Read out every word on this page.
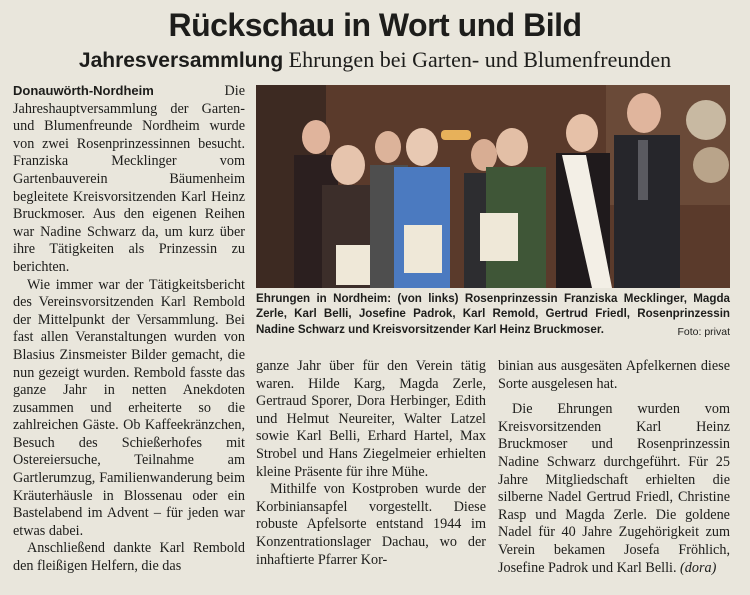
Rückschau in Wort und Bild
Jahresversammlung Ehrungen bei Garten- und Blumenfreunden

Donauwörth-Nordheim	Die Jahreshauptversammlung der Garten- und Blumenfreunde Nordheim wurde von zwei Rosenprinzessinnen besucht. Franziska Mecklinger vom Gartenbauverein Bäumenheim begleitete Kreisvorsitzenden Karl Heinz Bruckmoser. Aus den eigenen Reihen war Nadine Schwarz da, um kurz über ihre Tätigkeiten als Prinzessin zu berichten.

Wie immer war der Tätigkeitsbericht des Vereinsvorsitzenden Karl Rembold der Mittelpunkt der Versammlung. Bei fast allen Veranstaltungen wurden von Blasius Zinsmeister Bilder gemacht, die nun gezeigt wurden. Rembold fasste das ganze Jahr in netten Anekdoten zusammen und erheiterte so die zahlreichen Gäste. Ob Kaffeekränzchen, Besuch des Schießerhofes mit Ostereiersuche, Teilnahme am Gartlerumzug, Familienwanderung beim Kräuterhäusle in Blossenau oder ein Bastelabend im Advent – für jeden war etwas dabei.

Anschließend dankte Karl Rembold den fleißigen Helfern, die das

Ehrungen in Nordheim: (von links) Rosenprinzessin Franziska Mecklinger, Magda Zerle, Karl Belli, Josefine Padrok, Karl Remold, Gertrud Friedl, Rosenprinzessin Nadine Schwarz und Kreisvorsitzender Karl Heinz Bruckmoser.	Foto: privat

ganze Jahr über für den Verein tätig waren. Hilde Karg, Magda Zerle, Gertraud Sporer, Dora Herbinger, Edith und Helmut Neureiter, Walter Latzel sowie Karl Belli, Erhard Hartel, Max Strobel und Hans Ziegelmeier erhielten kleine Präsente für ihre Mühe.

Mithilfe von Kostproben wurde der Korbiniansapfel vorgestellt. Diese robuste Apfelsorte entstand 1944 im Konzentrationslager Dachau, wo der inhaftierte Pfarrer Kor-

binian aus ausgesäten Apfelkernen diese Sorte ausgelesen hat.

Die Ehrungen wurden vom Kreisvorsitzenden Karl Heinz Bruckmoser und Rosenprinzessin Nadine Schwarz durchgeführt. Für 25 Jahre Mitgliedschaft erhielten die silberne Nadel Gertrud Friedl, Christine Rasp und Magda Zerle. Die goldene Nadel für 40 Jahre Zugehörigkeit zum Verein bekamen Josefa Fröhlich, Josefine Padrok und Karl Belli. (dora)
